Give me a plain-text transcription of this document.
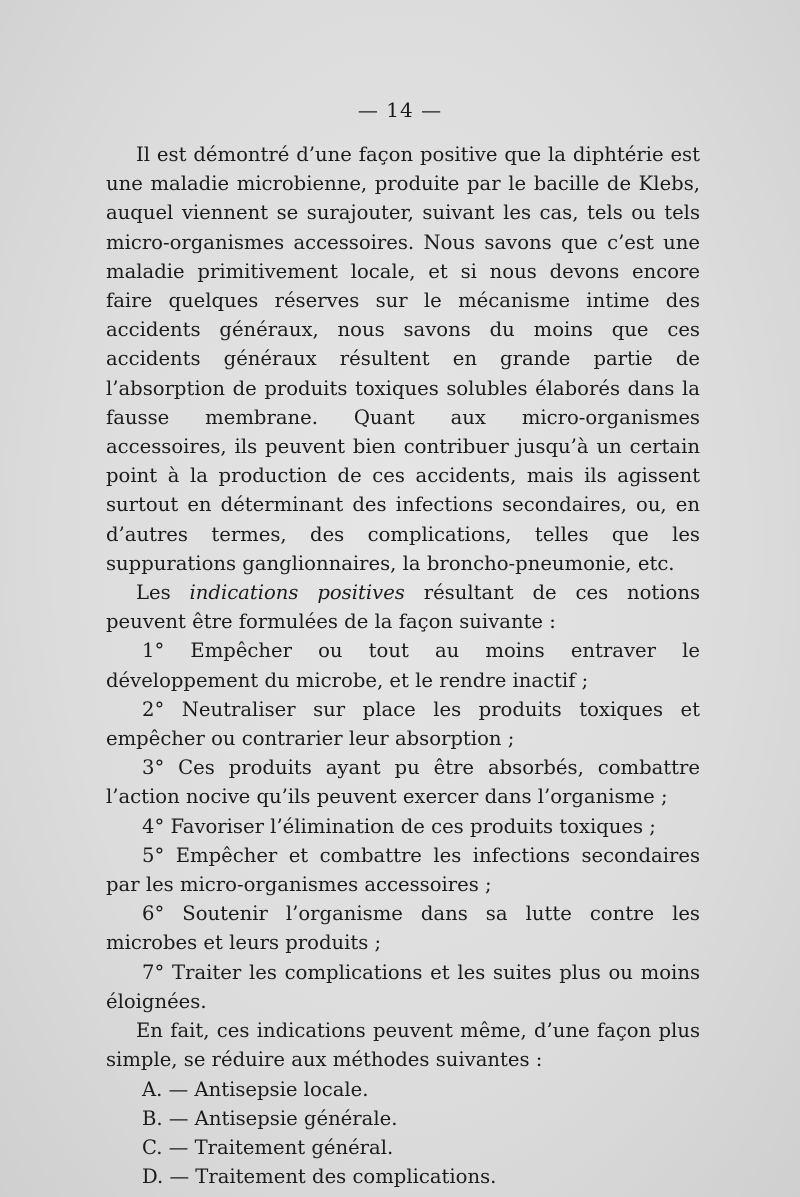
— 14 —

Il est démontré d’une façon positive que la diphtérie est une maladie microbienne, produite par le bacille de Klebs, auquel viennent se surajouter, suivant les cas, tels ou tels micro-organismes accessoires. Nous savons que c’est une maladie primitivement locale, et si nous devons encore faire quelques réserves sur le mécanisme intime des accidents généraux, nous savons du moins que ces accidents généraux résultent en grande partie de l’absorption de produits toxiques solubles élaborés dans la fausse membrane. Quant aux micro-organismes accessoires, ils peuvent bien contribuer jusqu’à un certain point à la production de ces accidents, mais ils agissent surtout en déterminant des infections secondaires, ou, en d’autres termes, des complications, telles que les suppurations ganglionnaires, la broncho-pneumonie, etc.

Les indications positives résultant de ces notions peuvent être formulées de la façon suivante :

1° Empêcher ou tout au moins entraver le développement du microbe, et le rendre inactif ;

2° Neutraliser sur place les produits toxiques et empêcher ou contrarier leur absorption ;

3° Ces produits ayant pu être absorbés, combattre l’action nocive qu’ils peuvent exercer dans l’organisme ;

4° Favoriser l’élimination de ces produits toxiques ;

5° Empêcher et combattre les infections secondaires par les micro-organismes accessoires ;

6° Soutenir l’organisme dans sa lutte contre les microbes et leurs produits ;

7° Traiter les complications et les suites plus ou moins éloignées.

En fait, ces indications peuvent même, d’une façon plus simple, se réduire aux méthodes suivantes :

A. — Antisepsie locale.

B. — Antisepsie générale.

C. — Traitement général.

D. — Traitement des complications.
